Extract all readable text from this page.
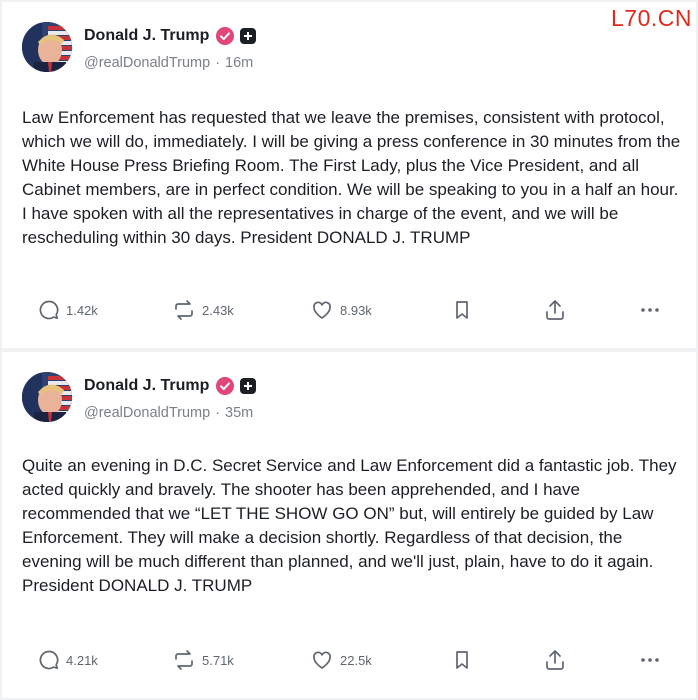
L70.CN
Donald J. Trump
@realDonaldTrump · 16m

Law Enforcement has requested that we leave the premises, consistent with protocol, which we will do, immediately. I will be giving a press conference in 30 minutes from the White House Press Briefing Room. The First Lady, plus the Vice President, and all Cabinet members, are in perfect condition. We will be speaking to you in a half an hour. I have spoken with all the representatives in charge of the event, and we will be rescheduling within 30 days. President DONALD J. TRUMP

1.42k	2.43k	8.93k
Donald J. Trump
@realDonaldTrump · 35m

Quite an evening in D.C. Secret Service and Law Enforcement did a fantastic job. They acted quickly and bravely. The shooter has been apprehended, and I have recommended that we “LET THE SHOW GO ON” but, will entirely be guided by Law Enforcement. They will make a decision shortly. Regardless of that decision, the evening will be much different than planned, and we'll just, plain, have to do it again. President DONALD J. TRUMP

4.21k	5.71k	22.5k
